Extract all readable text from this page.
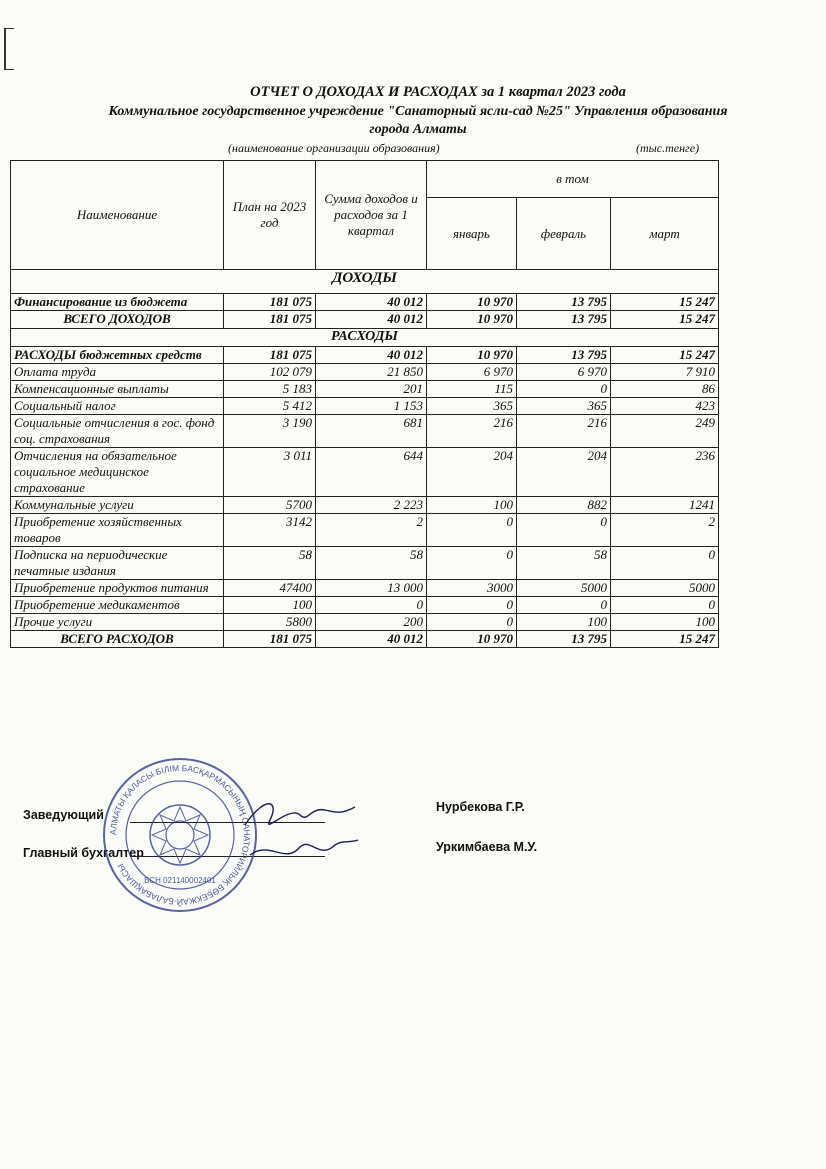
ОТЧЕТ О ДОХОДАХ И РАСХОДАХ за 1 квартал 2023 года
Коммунальное государственное учреждение "Санаторный ясли-сад №25" Управления образования
города Алматы
(наименование организации образования)	(тыс.тенге)
Наименование	План на 2023 год	Сумма доходов и расходов за 1 квартал	в том		
			январь	февраль	март
ДОХОДЫ					
Финансирование из бюджета	181 075	40 012	10 970	13 795	15 247
ВСЕГО ДОХОДОВ	181 075	40 012	10 970	13 795	15 247
РАСХОДЫ					
РАСХОДЫ бюджетных средств	181 075	40 012	10 970	13 795	15 247
Оплата труда	102 079	21 850	6 970	6 970	7 910
Компенсационные выплаты	5 183	201	115	0	86
Социальный налог	5 412	1 153	365	365	423
Социальные отчисления в гос. фонд соц. страхования	3 190	681	216	216	249
Отчисления на обязательное социальное медицинское страхование	3 011	644	204	204	236
Коммунальные услуги	5700	2 223	100	882	1241
Приобретение хозяйственных товаров	3142	2	0	0	2
Подписка на периодические печатные издания	58	58	0	58	0
Приобретение продуктов питания	47400	13 000	3000	5000	5000
Приобретение медикаментов	100	0	0	0	0
Прочие услуги	5800	200	0	100	100
ВСЕГО РАСХОДОВ	181 075	40 012	10 970	13 795	15 247
Заведующий
Нурбекова Г.Р.
Главный бухгалтер	Уркимбаева М.У.
АЛМАТЫ ҚАЛАСЫ БІЛІМ БАСҚАРМАСЫНЫҢ САНАТОРИЙЛЫҚ БӨБЕКЖАЙ-БАЛАБАҚШАСЫ
БСН 021140002401
